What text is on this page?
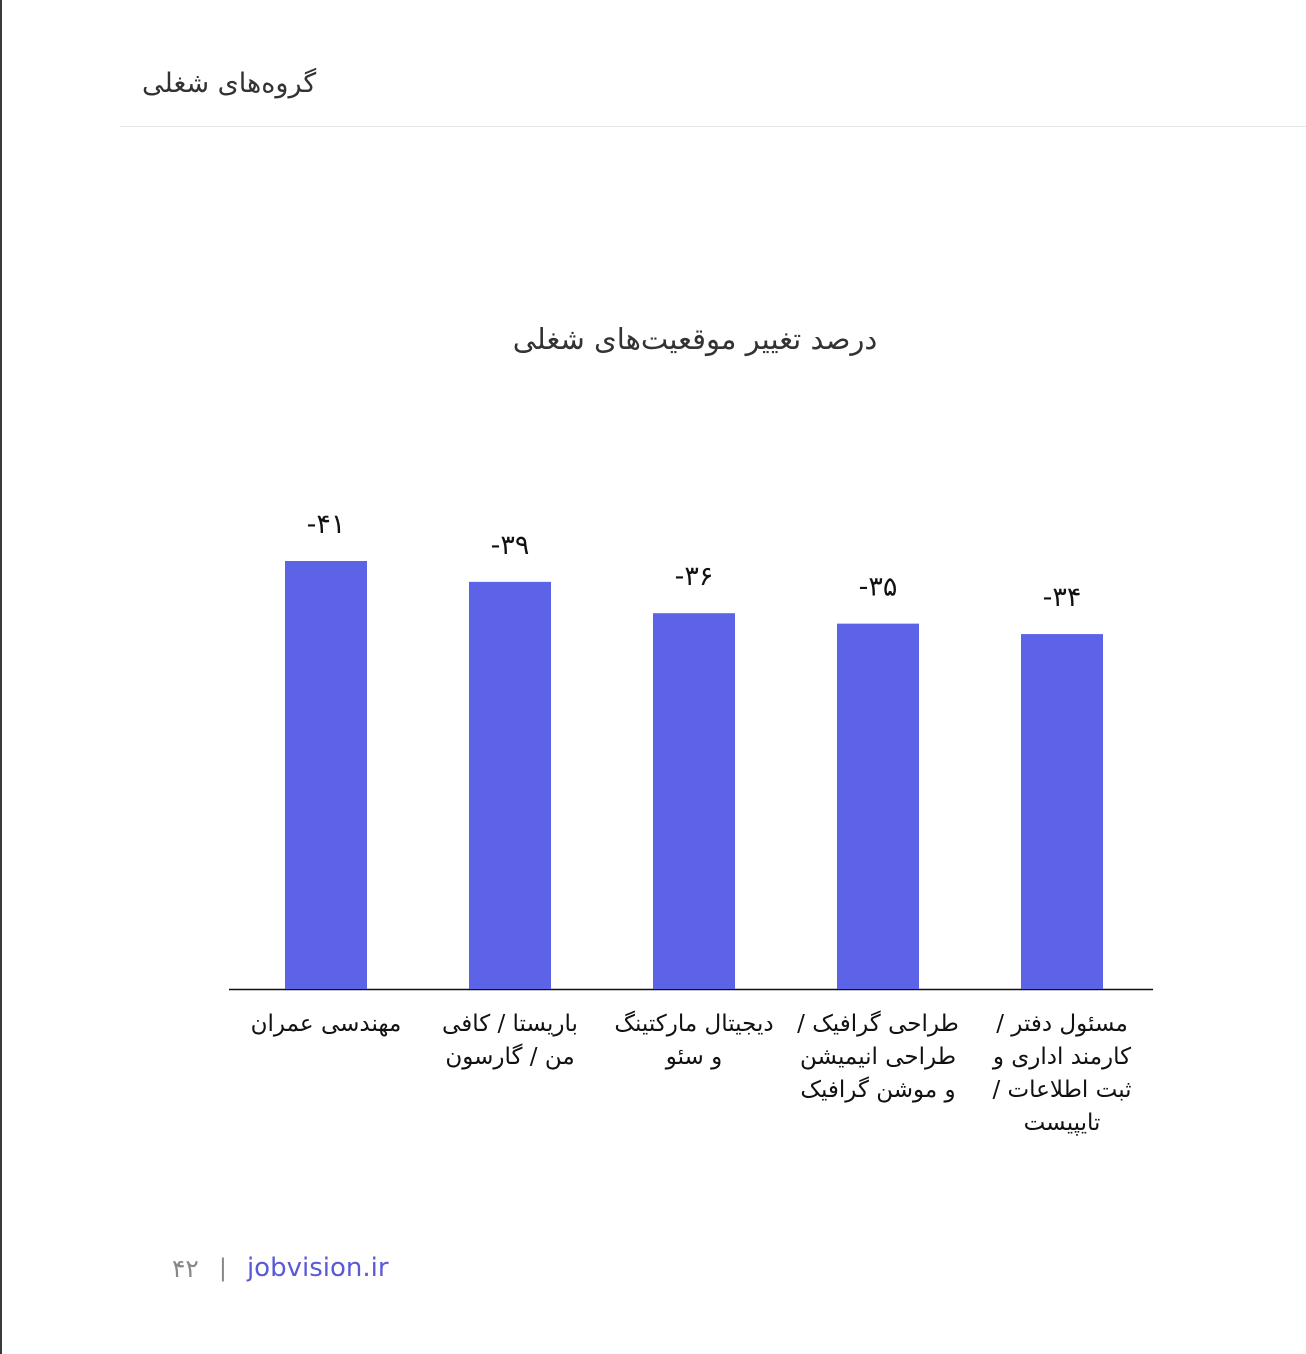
گروه‌های شغلی
درصد تغییر موقعیت‌های شغلی
-۴۱
-۳۹
-۳۶	-۳۵	-۳۴
مهندسی عمران	باریستا / کافی من / گارسون
دیجیتال مارکتینگ و سئو
طراحی گرافیک / طراحی انیمیشن و موشن گرافیک
مسئول دفتر / کارمند اداری و ثبت اطلاعات / تایپیست
۴۲ | jobvision.ir
